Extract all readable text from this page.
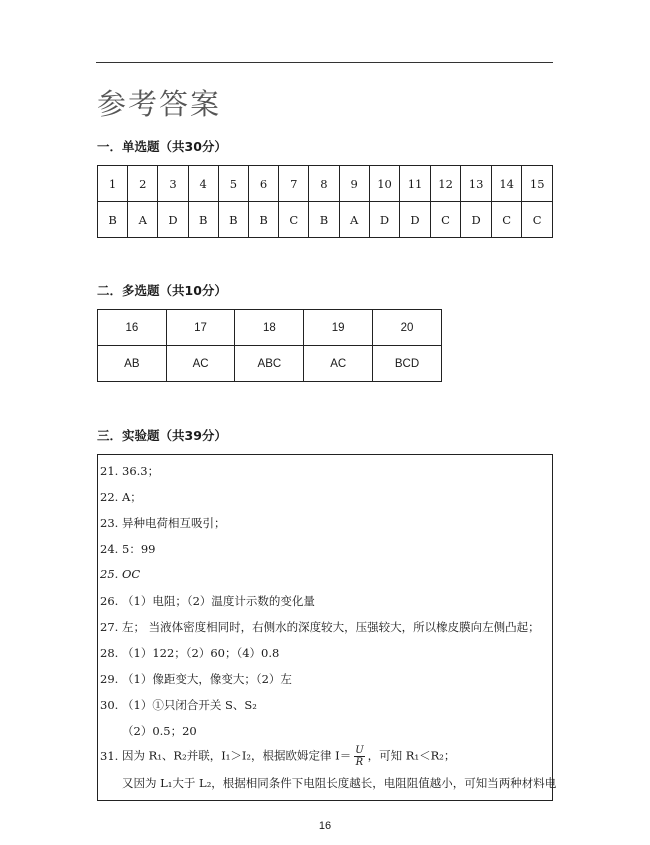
参考答案
一．单选题（共30分）
1	2	3	4	5	6	7	8	9	10	11	12	13	14	15
B	A	D	B	B	B	C	B	A	D	D	C	D	C	C
二．多选题（共10分）
16	17	18	19	20
AB	AC	ABC	AC	BCD
三．实验题（共39分）
21. 36.3；
22. A；
23. 异种电荷相互吸引；
24. 5：99
25. OC
26. （1）电阻；（2）温度计示数的变化量
27. 左； 当液体密度相同时，右侧水的深度较大，压强较大，所以橡皮膜向左侧凸起；
28. （1）122；（2）60；（4）0.8
29. （1）像距变大，像变大；（2）左
30. （1）①只闭合开关 S、S₂
（2）0.5；20
31. 因为 R₁、R₂并联，I₁＞I₂，根据欧姆定律 $I= \frac{U}{R}$ ，可知 R₁＜R₂；
又因为 L₁大于 L₂，根据相同条件下电阻长度越长，电阻阻值越小，可知当两种材料电
16
